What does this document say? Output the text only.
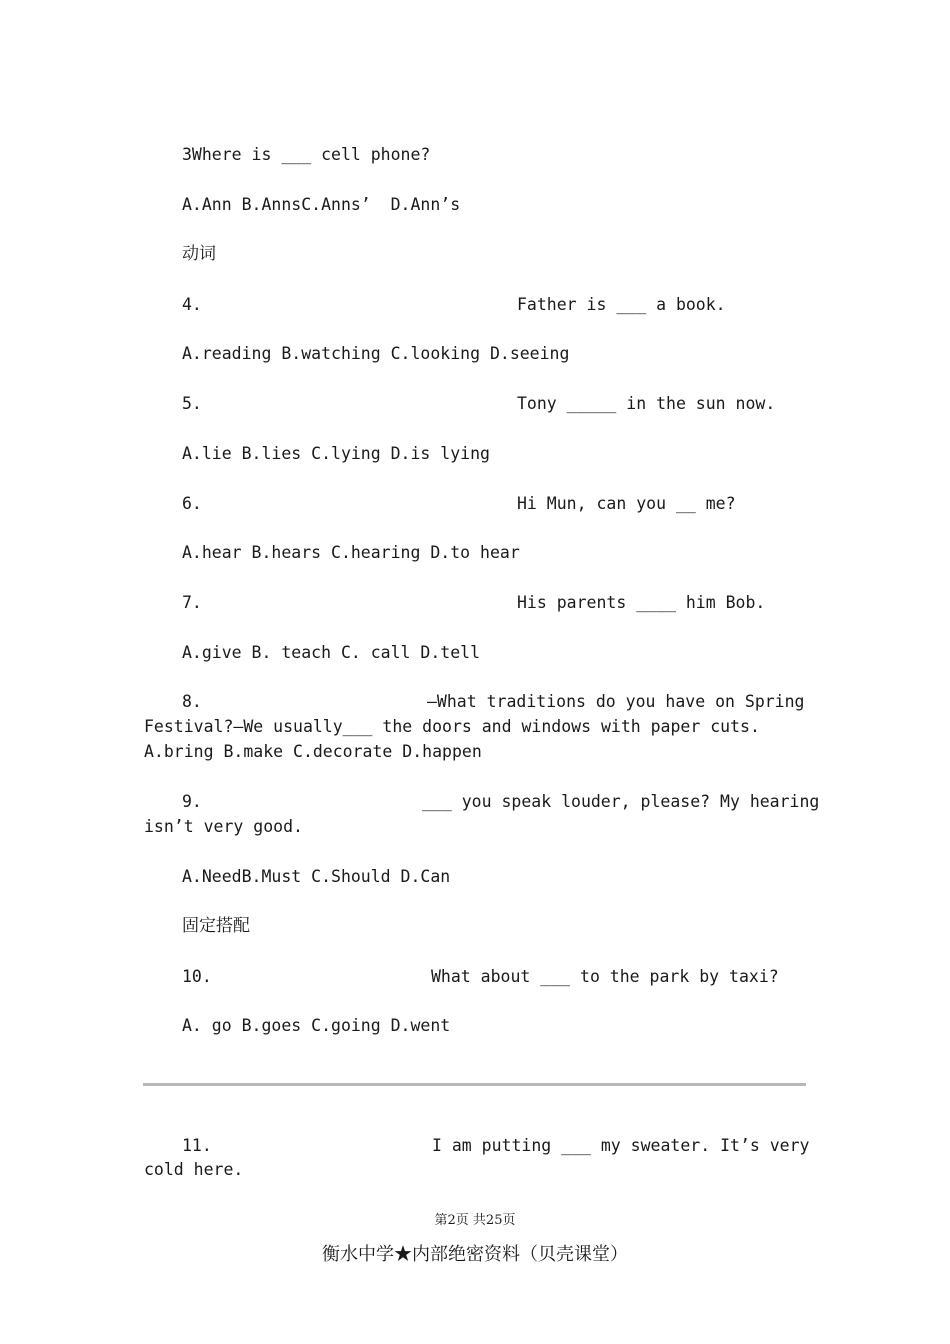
3Where is ___ cell phone?

A.Ann B.AnnsC.Anns’  D.Ann’s

动词

4.	Father is ___ a book.

A.reading B.watching C.looking D.seeing

5.	Tony _____ in the sun now.

A.lie B.lies C.lying D.is lying

6.	Hi Mun, can you __ me?

A.hear B.hears C.hearing D.to hear

7.	His parents ____ him Bob.

A.give B. teach C. call D.tell

8.	–What traditions do you have on Spring

Festival?—We usually___ the doors and windows with paper cuts.

A.bring B.make C.decorate D.happen

9.	___ you speak louder, please? My hearing

isn’t very good.

A.NeedB.Must C.Should D.Can

固定搭配

10.	What about ___ to the park by taxi?

A. go B.goes C.going D.went

11.	I am putting ___ my sweater. It’s very

cold here.

第2页 共25页
衡水中学★内部绝密资料（贝壳课堂）
